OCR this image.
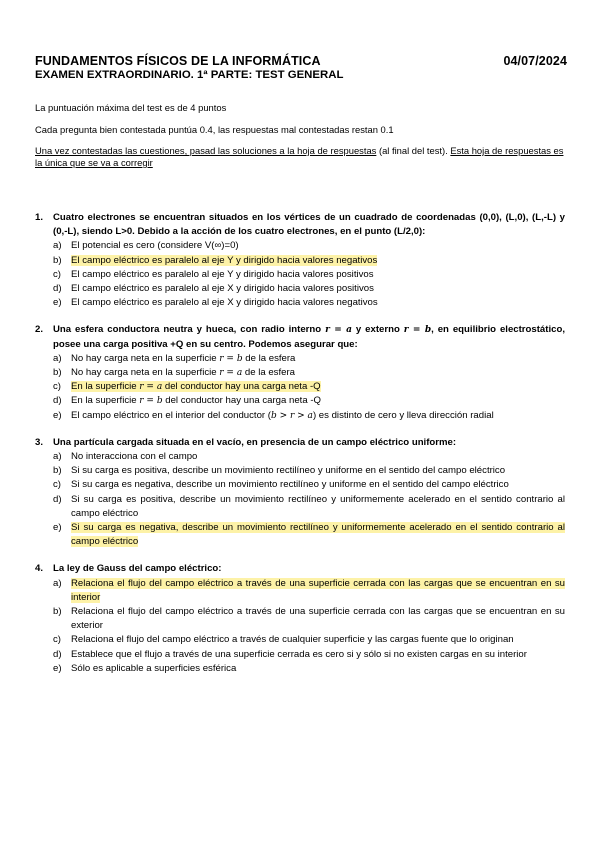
FUNDAMENTOS FÍSICOS DE LA INFORMÁTICA	04/07/2024
EXAMEN EXTRAORDINARIO. 1ª PARTE: TEST GENERAL
La puntuación máxima del test es de 4 puntos
Cada pregunta bien contestada puntúa 0.4, las respuestas mal contestadas restan 0.1
Una vez contestadas las cuestiones, pasad las soluciones a la hoja de respuestas (al final del test). Esta hoja de respuestas es la única que se va a corregir
1.	Cuatro electrones se encuentran situados en los vértices de un cuadrado de coordenadas (0,0), (L,0), (L,-L) y (0,-L), siendo L>0. Debido a la acción de los cuatro electrones, en el punto (L/2,0):
a) El potencial es cero (considere V(∞)=0)
b) El campo eléctrico es paralelo al eje Y y dirigido hacia valores negativos
c)	El campo eléctrico es paralelo al eje Y y dirigido hacia valores positivos
d) El campo eléctrico es paralelo al eje X y dirigido hacia valores positivos
e) El campo eléctrico es paralelo al eje X y dirigido hacia valores negativos
2.	Una esfera conductora neutra y hueca, con radio interno r = a y externo r = b, en equilibrio electrostático, posee una carga positiva +Q en su centro. Podemos asegurar que:
a) No hay carga neta en la superficie r = b de la esfera
b) No hay carga neta en la superficie r = a de la esfera
c)	En la superficie r = a del conductor hay una carga neta -Q
d) En la superficie r = b del conductor hay una carga neta -Q
e) El campo eléctrico en el interior del conductor (b > r > a) es distinto de cero y lleva dirección radial
3.	Una partícula cargada situada en el vacío, en presencia de un campo eléctrico uniforme:
a) No interacciona con el campo
b) Si su carga es positiva, describe un movimiento rectilíneo y uniforme en el sentido del campo eléctrico
c)	Si su carga es negativa, describe un movimiento rectilíneo y uniforme en el sentido del campo eléctrico
d) Si su carga es positiva, describe un movimiento rectilíneo y uniformemente acelerado en el sentido contrario al campo eléctrico
e) Si su carga es negativa, describe un movimiento rectilíneo y uniformemente acelerado en el sentido contrario al campo eléctrico
4.	La ley de Gauss del campo eléctrico:
a) Relaciona el flujo del campo eléctrico a través de una superficie cerrada con las cargas que se encuentran en su interior
b) Relaciona el flujo del campo eléctrico a través de una superficie cerrada con las cargas que se encuentran en su exterior
c)	Relaciona el flujo del campo eléctrico a través de cualquier superficie y las cargas fuente que lo originan
d) Establece que el flujo a través de una superficie cerrada es cero si y sólo si no existen cargas en su interior
e) Sólo es aplicable a superficies esférica
